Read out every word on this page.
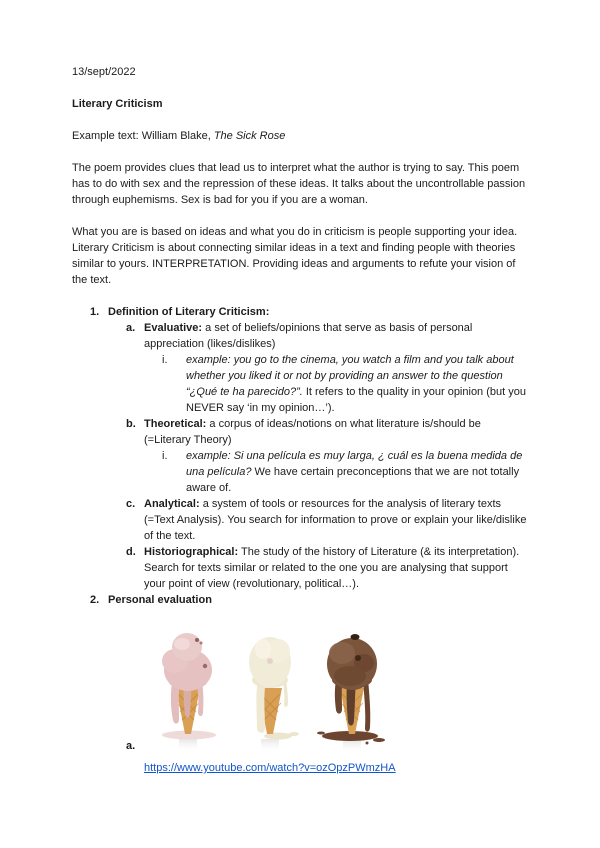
13/sept/2022

Literary Criticism

Example text: William Blake, The Sick Rose

The poem provides clues that lead us to interpret what the author is trying to say. This poem has to do with sex and the repression of these ideas. It talks about the uncontrollable passion through euphemisms. Sex is bad for you if you are a woman.

What you are is based on ideas and what you do in criticism is people supporting your idea. Literary Criticism is about connecting similar ideas in a text and finding people with theories similar to yours. INTERPRETATION. Providing ideas and arguments to refute your vision of the text.

1. Definition of Literary Criticism:
a. Evaluative: a set of beliefs/opinions that serve as basis of personal appreciation (likes/dislikes)
i.	example: you go to the cinema, you watch a film and you talk about whether you liked it or not by providing an answer to the question “¿Qué te ha parecido?”. It refers to the quality in your opinion (but you NEVER say ‘in my opinion…’).
b. Theoretical: a corpus of ideas/notions on what literature is/should be (=Literary Theory)
i.	example: Si una película es muy larga, ¿ cuál es la buena medida de una película? We have certain preconceptions that we are not totally aware of.
c. Analytical: a system of tools or resources for the analysis of literary texts (=Text Analysis). You search for information to prove or explain your like/dislike of the text.
d. Historiographical: The study of the history of Literature (& its interpretation). Search for texts similar or related to the one you are analysing that support your point of view (revolutionary, political…).
2. Personal evaluation
a.

https://www.youtube.com/watch?v=ozOpzPWmzHA
